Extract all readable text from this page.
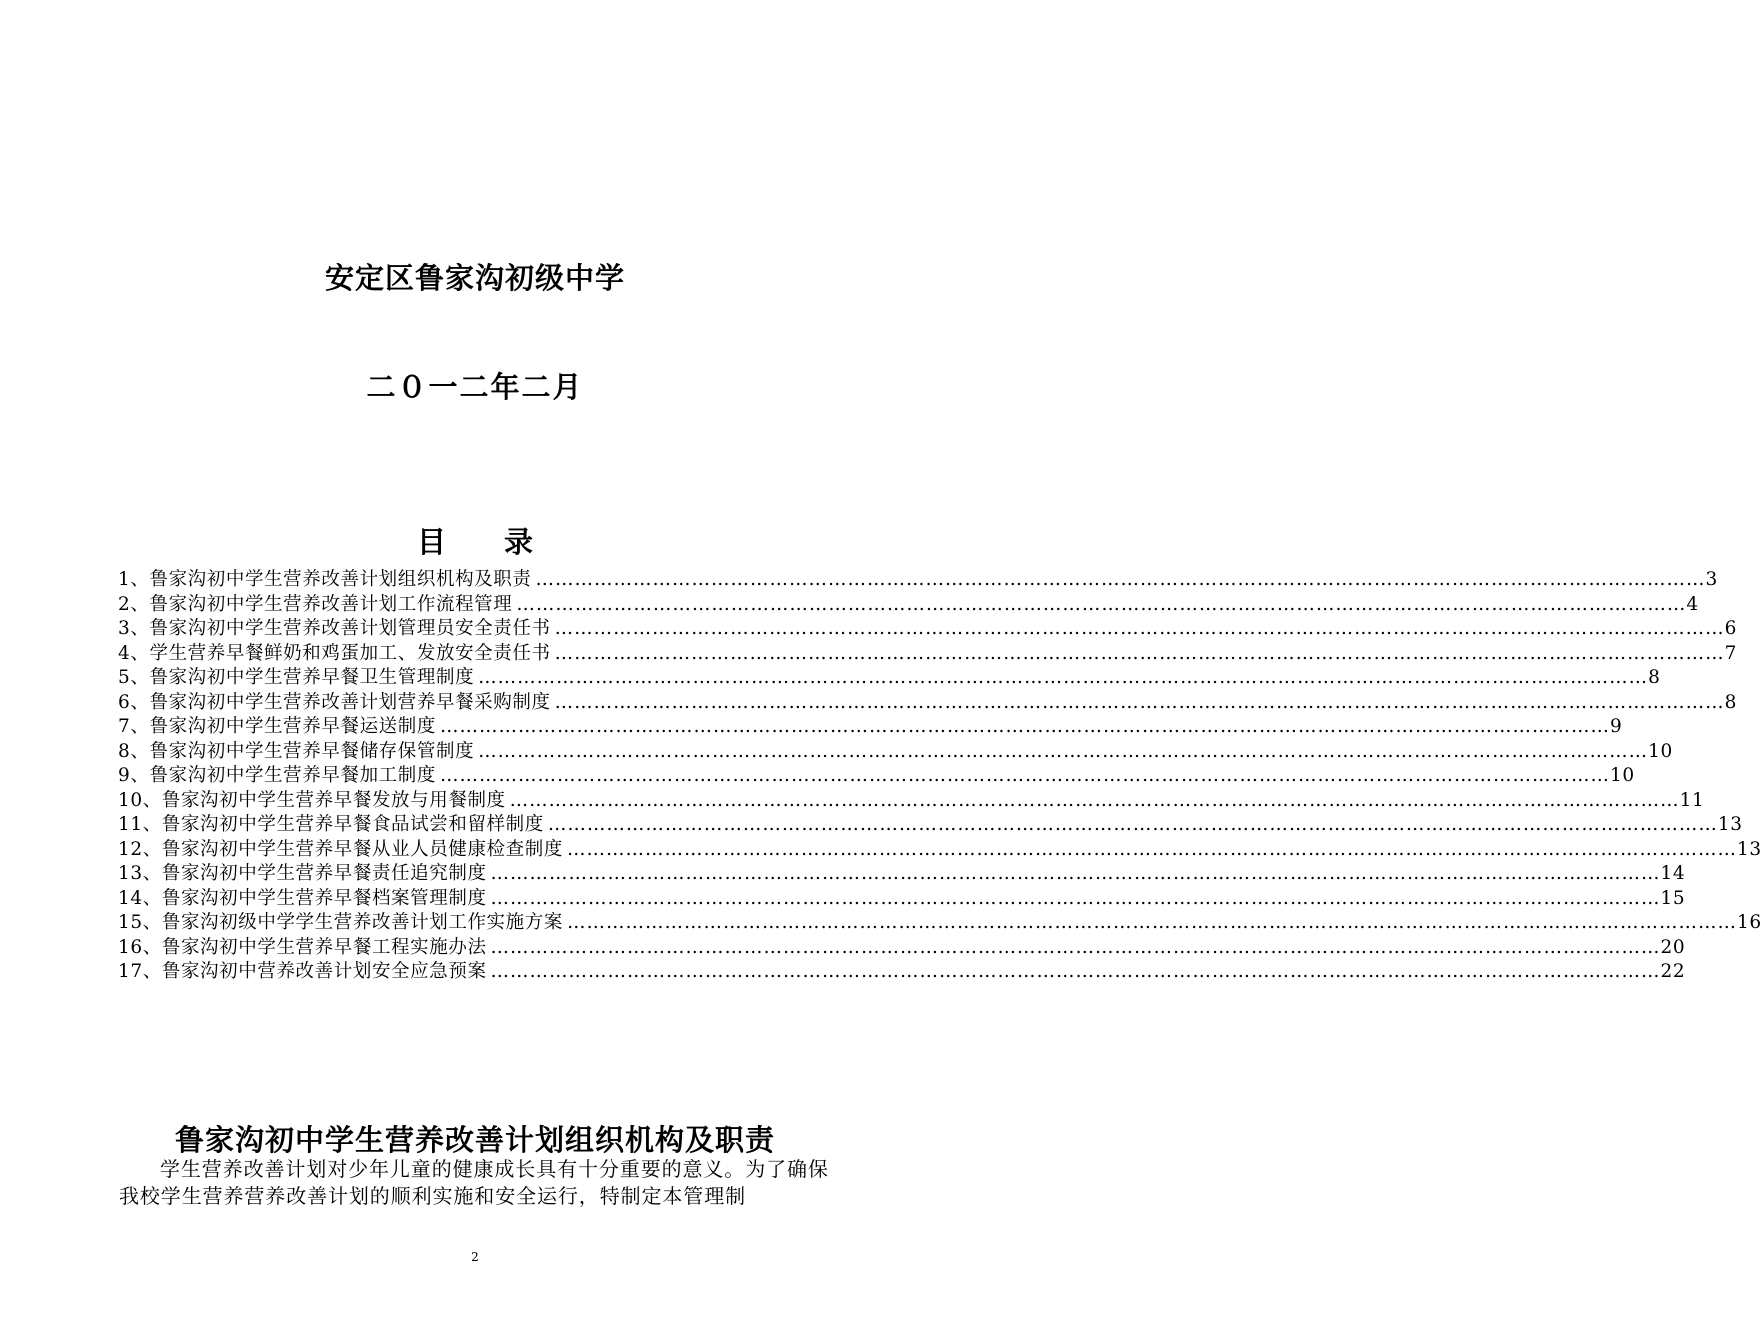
安定区鲁家沟初级中学
二０一二年二月
目　　录
1、鲁家沟初中学生营养改善计划组织机构及职责 ……………………………………………………………………………………………………………………………………………………………… 3
2、鲁家沟初中学生营养改善计划工作流程管理 ……………………………………………………………………………………………………………………………………………………………… 4
3、鲁家沟初中学生营养改善计划管理员安全责任书 ……………………………………………………………………………………………………………………………………………………………… 6
4、学生营养早餐鲜奶和鸡蛋加工、发放安全责任书 ……………………………………………………………………………………………………………………………………………………………… 7
5、鲁家沟初中学生营养早餐卫生管理制度 ……………………………………………………………………………………………………………………………………………………………… 8
6、鲁家沟初中学生营养改善计划营养早餐采购制度 ……………………………………………………………………………………………………………………………………………………………… 8
7、鲁家沟初中学生营养早餐运送制度 ……………………………………………………………………………………………………………………………………………………………… 9
8、鲁家沟初中学生营养早餐储存保管制度 ……………………………………………………………………………………………………………………………………………………………… 10
9、鲁家沟初中学生营养早餐加工制度 ……………………………………………………………………………………………………………………………………………………………… 10
10、鲁家沟初中学生营养早餐发放与用餐制度 ……………………………………………………………………………………………………………………………………………………………… 11
11、鲁家沟初中学生营养早餐食品试尝和留样制度 ……………………………………………………………………………………………………………………………………………………………… 13
12、鲁家沟初中学生营养早餐从业人员健康检查制度 ……………………………………………………………………………………………………………………………………………………………… 13
13、鲁家沟初中学生营养早餐责任追究制度 ……………………………………………………………………………………………………………………………………………………………… 14
14、鲁家沟初中学生营养早餐档案管理制度 ……………………………………………………………………………………………………………………………………………………………… 15
15、鲁家沟初级中学学生营养改善计划工作实施方案 ……………………………………………………………………………………………………………………………………………………………… 16
16、鲁家沟初中学生营养早餐工程实施办法 ……………………………………………………………………………………………………………………………………………………………… 20
17、鲁家沟初中营养改善计划安全应急预案 ……………………………………………………………………………………………………………………………………………………………… 22
鲁家沟初中学生营养改善计划组织机构及职责

学生营养改善计划对少年儿童的健康成长具有十分重要的意义。为了确保我校学生营养营养改善计划的顺利实施和安全运行，特制定本管理制

2
